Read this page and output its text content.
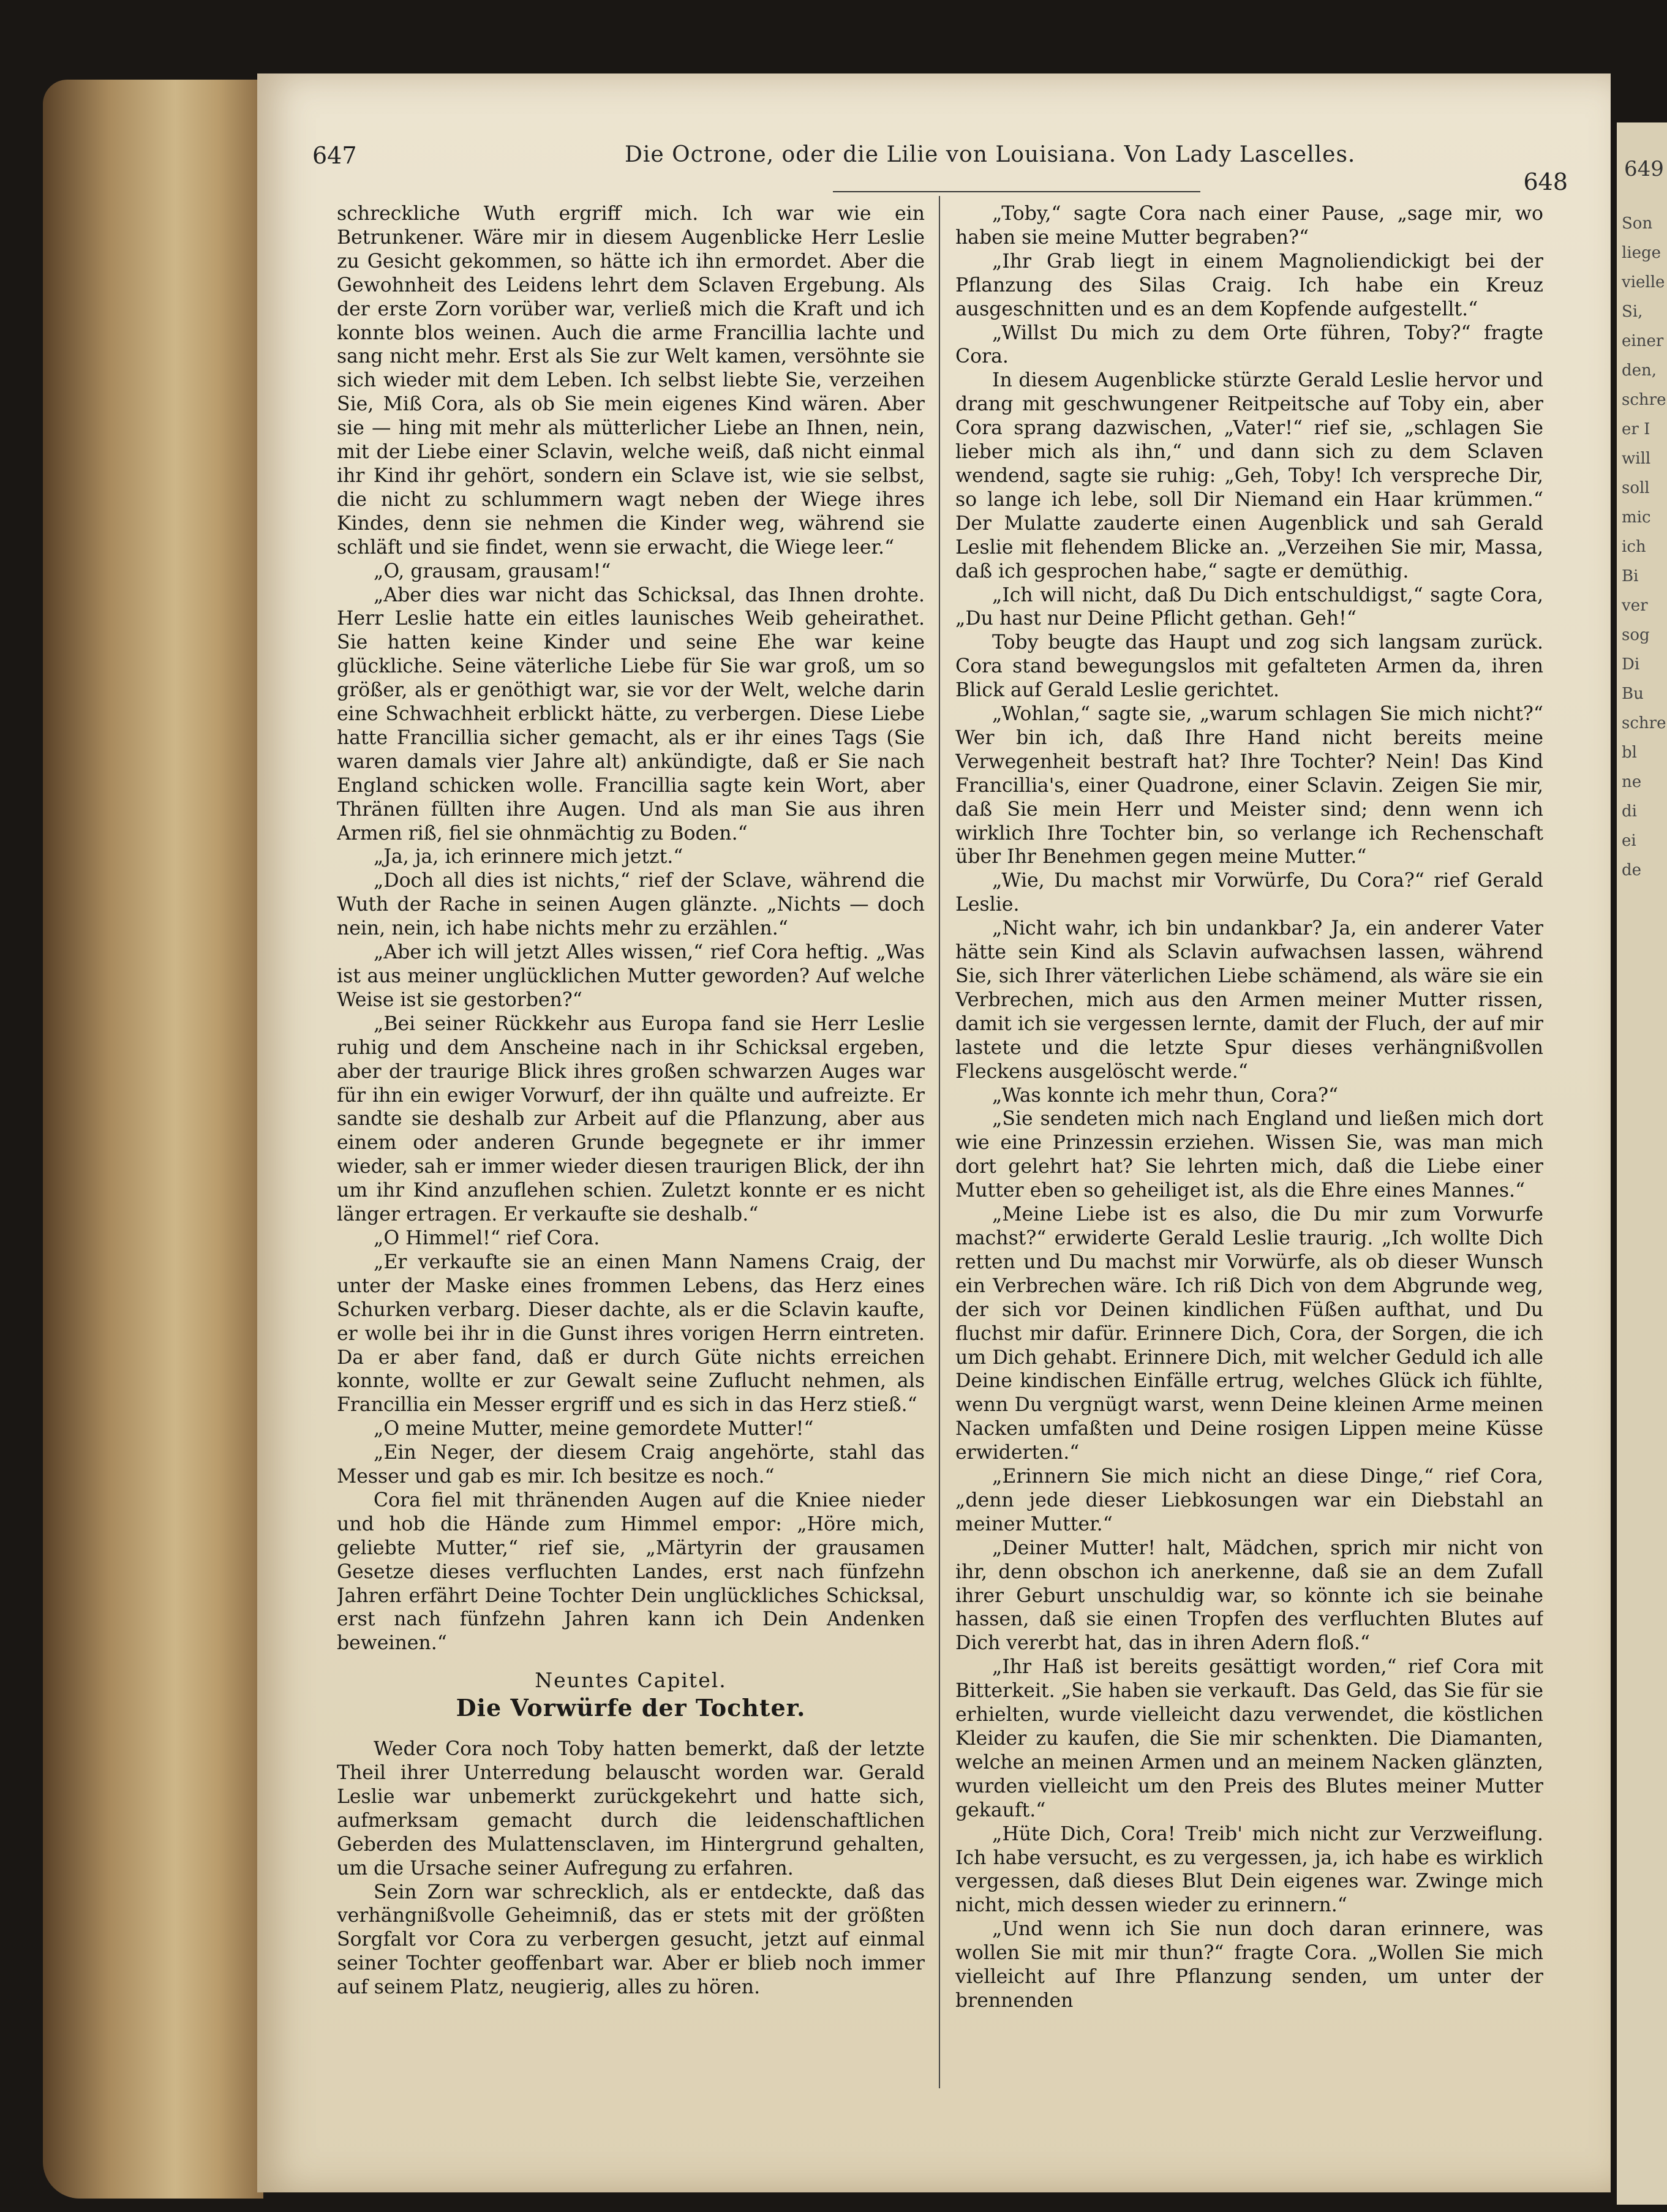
647	Die Octrone, oder die Lilie von Louisiana. Von Lady Lascelles.
648

schreckliche Wuth ergriff mich. Ich war wie ein Betrunkener. Wäre mir in diesem Augenblicke Herr Leslie zu Gesicht gekommen, so hätte ich ihn ermordet. Aber die Gewohnheit des Leidens lehrt dem Sclaven Ergebung. Als der erste Zorn vorüber war, verließ mich die Kraft und ich konnte blos weinen. Auch die arme Francillia lachte und sang nicht mehr. Erst als Sie zur Welt kamen, versöhnte sie sich wieder mit dem Leben. Ich selbst liebte Sie, verzeihen Sie, Miß Cora, als ob Sie mein eigenes Kind wären. Aber sie — hing mit mehr als mütterlicher Liebe an Ihnen, nein, mit der Liebe einer Sclavin, welche weiß, daß nicht einmal ihr Kind ihr gehört, sondern ein Sclave ist, wie sie selbst, die nicht zu schlummern wagt neben der Wiege ihres Kindes, denn sie nehmen die Kinder weg, während sie schläft und sie findet, wenn sie erwacht, die Wiege leer.“

„O, grausam, grausam!“

„Aber dies war nicht das Schicksal, das Ihnen drohte. Herr Leslie hatte ein eitles launisches Weib geheirathet. Sie hatten keine Kinder und seine Ehe war keine glückliche. Seine väterliche Liebe für Sie war groß, um so größer, als er genöthigt war, sie vor der Welt, welche darin eine Schwachheit erblickt hätte, zu verbergen. Diese Liebe hatte Francillia sicher gemacht, als er ihr eines Tags (Sie waren damals vier Jahre alt) ankündigte, daß er Sie nach England schicken wolle. Francillia sagte kein Wort, aber Thränen füllten ihre Augen. Und als man Sie aus ihren Armen riß, fiel sie ohnmächtig zu Boden.“

„Ja, ja, ich erinnere mich jetzt.“

„Doch all dies ist nichts,“ rief der Sclave, während die Wuth der Rache in seinen Augen glänzte. „Nichts — doch nein, nein, ich habe nichts mehr zu erzählen.“

„Aber ich will jetzt Alles wissen,“ rief Cora heftig. „Was ist aus meiner unglücklichen Mutter geworden? Auf welche Weise ist sie gestorben?“

„Bei seiner Rückkehr aus Europa fand sie Herr Leslie ruhig und dem Anscheine nach in ihr Schicksal ergeben, aber der traurige Blick ihres großen schwarzen Auges war für ihn ein ewiger Vorwurf, der ihn quälte und aufreizte. Er sandte sie deshalb zur Arbeit auf die Pflanzung, aber aus einem oder anderen Grunde begegnete er ihr immer wieder, sah er immer wieder diesen traurigen Blick, der ihn um ihr Kind anzuflehen schien. Zuletzt konnte er es nicht länger ertragen. Er verkaufte sie deshalb.“

„O Himmel!“ rief Cora.

„Er verkaufte sie an einen Mann Namens Craig, der unter der Maske eines frommen Lebens, das Herz eines Schurken verbarg. Dieser dachte, als er die Sclavin kaufte, er wolle bei ihr in die Gunst ihres vorigen Herrn eintreten. Da er aber fand, daß er durch Güte nichts erreichen konnte, wollte er zur Gewalt seine Zuflucht nehmen, als Francillia ein Messer ergriff und es sich in das Herz stieß.“

„O meine Mutter, meine gemordete Mutter!“

„Ein Neger, der diesem Craig angehörte, stahl das Messer und gab es mir. Ich besitze es noch.“

Cora fiel mit thränenden Augen auf die Kniee nieder und hob die Hände zum Himmel empor: „Höre mich, geliebte Mutter,“ rief sie, „Märtyrin der grausamen Gesetze dieses verfluchten Landes, erst nach fünfzehn Jahren erfährt Deine Tochter Dein unglückliches Schicksal, erst nach fünfzehn Jahren kann ich Dein Andenken beweinen.“

Neuntes Capitel.

Die Vorwürfe der Tochter.

Weder Cora noch Toby hatten bemerkt, daß der letzte Theil ihrer Unterredung belauscht worden war. Gerald Leslie war unbemerkt zurückgekehrt und hatte sich, aufmerksam gemacht durch die leidenschaftlichen Geberden des Mulattensclaven, im Hintergrund gehalten, um die Ursache seiner Aufregung zu erfahren.

Sein Zorn war schrecklich, als er entdeckte, daß das verhängnißvolle Geheimniß, das er stets mit der größten Sorgfalt vor Cora zu verbergen gesucht, jetzt auf einmal seiner Tochter geoffenbart war. Aber er blieb noch immer auf seinem Platz, neugierig, alles zu hören.

„Toby,“ sagte Cora nach einer Pause, „sage mir, wo haben sie meine Mutter begraben?“

„Ihr Grab liegt in einem Magnoliendickigt bei der Pflanzung des Silas Craig. Ich habe ein Kreuz ausgeschnitten und es an dem Kopfende aufgestellt.“

„Willst Du mich zu dem Orte führen, Toby?“ fragte Cora.

In diesem Augenblicke stürzte Gerald Leslie hervor und drang mit geschwungener Reitpeitsche auf Toby ein, aber Cora sprang dazwischen, „Vater!“ rief sie, „schlagen Sie lieber mich als ihn,“ und dann sich zu dem Sclaven wendend, sagte sie ruhig: „Geh, Toby! Ich verspreche Dir, so lange ich lebe, soll Dir Niemand ein Haar krümmen.“ Der Mulatte zauderte einen Augenblick und sah Gerald Leslie mit flehendem Blicke an. „Verzeihen Sie mir, Massa, daß ich gesprochen habe,“ sagte er demüthig.

„Ich will nicht, daß Du Dich entschuldigst,“ sagte Cora, „Du hast nur Deine Pflicht gethan. Geh!“

Toby beugte das Haupt und zog sich langsam zurück. Cora stand bewegungslos mit gefalteten Armen da, ihren Blick auf Gerald Leslie gerichtet.

„Wohlan,“ sagte sie, „warum schlagen Sie mich nicht?“ Wer bin ich, daß Ihre Hand nicht bereits meine Verwegenheit bestraft hat? Ihre Tochter? Nein! Das Kind Francillia's, einer Quadrone, einer Sclavin. Zeigen Sie mir, daß Sie mein Herr und Meister sind; denn wenn ich wirklich Ihre Tochter bin, so verlange ich Rechenschaft über Ihr Benehmen gegen meine Mutter.“

„Wie, Du machst mir Vorwürfe, Du Cora?“ rief Gerald Leslie.

„Nicht wahr, ich bin undankbar? Ja, ein anderer Vater hätte sein Kind als Sclavin aufwachsen lassen, während Sie, sich Ihrer väterlichen Liebe schämend, als wäre sie ein Verbrechen, mich aus den Armen meiner Mutter rissen, damit ich sie vergessen lernte, damit der Fluch, der auf mir lastete und die letzte Spur dieses verhängnißvollen Fleckens ausgelöscht werde.“

„Was konnte ich mehr thun, Cora?“

„Sie sendeten mich nach England und ließen mich dort wie eine Prinzessin erziehen. Wissen Sie, was man mich dort gelehrt hat? Sie lehrten mich, daß die Liebe einer Mutter eben so geheiliget ist, als die Ehre eines Mannes.“

„Meine Liebe ist es also, die Du mir zum Vorwurfe machst?“ erwiderte Gerald Leslie traurig. „Ich wollte Dich retten und Du machst mir Vorwürfe, als ob dieser Wunsch ein Verbrechen wäre. Ich riß Dich von dem Abgrunde weg, der sich vor Deinen kindlichen Füßen aufthat, und Du fluchst mir dafür. Erinnere Dich, Cora, der Sorgen, die ich um Dich gehabt. Erinnere Dich, mit welcher Geduld ich alle Deine kindischen Einfälle ertrug, welches Glück ich fühlte, wenn Du vergnügt warst, wenn Deine kleinen Arme meinen Nacken umfaßten und Deine rosigen Lippen meine Küsse erwiderten.“

„Erinnern Sie mich nicht an diese Dinge,“ rief Cora, „denn jede dieser Liebkosungen war ein Diebstahl an meiner Mutter.“

„Deiner Mutter! halt, Mädchen, sprich mir nicht von ihr, denn obschon ich anerkenne, daß sie an dem Zufall ihrer Geburt unschuldig war, so könnte ich sie beinahe hassen, daß sie einen Tropfen des verfluchten Blutes auf Dich vererbt hat, das in ihren Adern floß.“

„Ihr Haß ist bereits gesättigt worden,“ rief Cora mit Bitterkeit. „Sie haben sie verkauft. Das Geld, das Sie für sie erhielten, wurde vielleicht dazu verwendet, die köstlichen Kleider zu kaufen, die Sie mir schenkten. Die Diamanten, welche an meinen Armen und an meinem Nacken glänzten, wurden vielleicht um den Preis des Blutes meiner Mutter gekauft.“

„Hüte Dich, Cora! Treib' mich nicht zur Verzweiflung. Ich habe versucht, es zu vergessen, ja, ich habe es wirklich vergessen, daß dieses Blut Dein eigenes war. Zwinge mich nicht, mich dessen wieder zu erinnern.“

„Und wenn ich Sie nun doch daran erinnere, was wollen Sie mit mir thun?“ fragte Cora. „Wollen Sie mich vielleicht auf Ihre Pflanzung senden, um unter der brennenden

649
Son
liege
vielle
Si,
einer
den,
schre
er I
will
soll
mic
ich
Bi
ver
sog
Di
Bu
schre
bl
ne
di
ei
de
